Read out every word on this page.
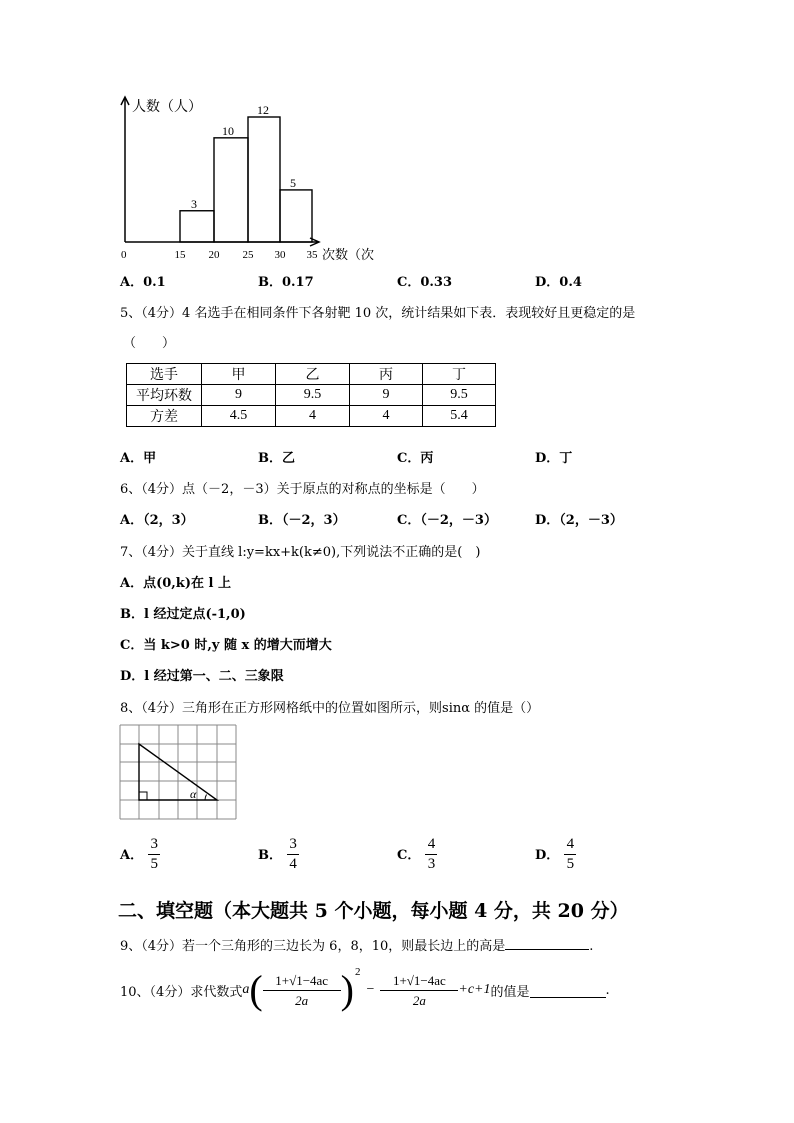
3
10
12
5
15 20 25 30 35
人数（人）
次数（次
0
A．0.1	B．0.17	C．0.33	D．0.4
5、（4分）4 名选手在相同条件下各射靶 10 次，统计结果如下表．表现较好且更稳定的是
（　　）
选手	甲	乙	丙	丁
平均环数	9	9.5	9	9.5
方差	4.5	4	4	5.4
A．甲	B．乙	C．丙	D．丁
6、（4分）点（－2，－3）关于原点的对称点的坐标是（　　）
A．（2，3）	B．（－2，3）	C．（－2，－3）	D．（2，－3）
7、（4分）关于直线 l:y=kx+k(k≠0),下列说法不正确的是(　)
A．点(0,k)在 l 上
B．l 经过定点(-1,0)
C．当 k>0 时,y 随 x 的增大而增大
D．l 经过第一、二、三象限
8、（4分）三角形在正方形网格纸中的位置如图所示，则sinα 的值是（）
α
A． $\frac{3}{5}$	B． $\frac{3}{4}$	C． $\frac{4}{3}$	D． $\frac{4}{5}$
二、填空题（本大题共 5 个小题，每小题 4 分，共 20 分）
9、（4分）若一个三角形的三边长为 6，8，10，则最长边上的高是	.
10、（4分）求代数式 a ( $\frac{1+√1-4ac}{2a} )^2$
− $\frac{1+√1-4ac}{2a} +c+1$ 的值是	.
